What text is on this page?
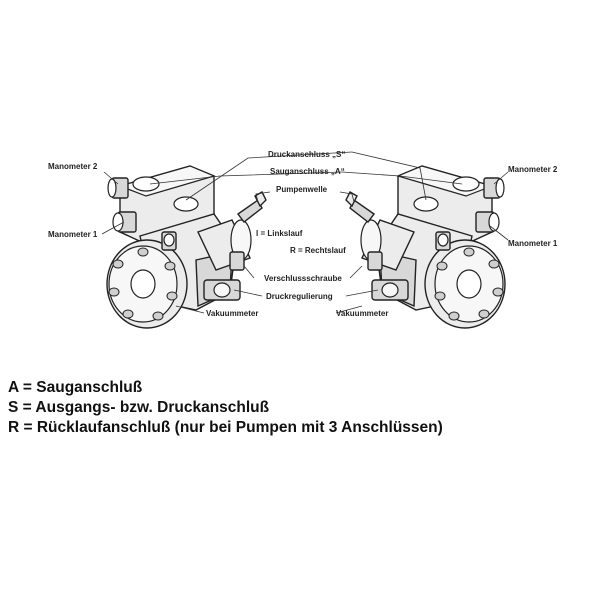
Druckanschluss „S“
Sauganschluss „A“
Pumpenwelle
Manometer 2	Manometer 2
Manometer 1
Manometer 1
l = Linkslauf
R = Rechtslauf
Verschlussschraube
Druckregulierung
Vakuummeter	Vakuummeter
A = Sauganschluß
S = Ausgangs- bzw. Druckanschluß
R = Rücklaufanschluß (nur bei Pumpen mit 3 Anschlüssen)
